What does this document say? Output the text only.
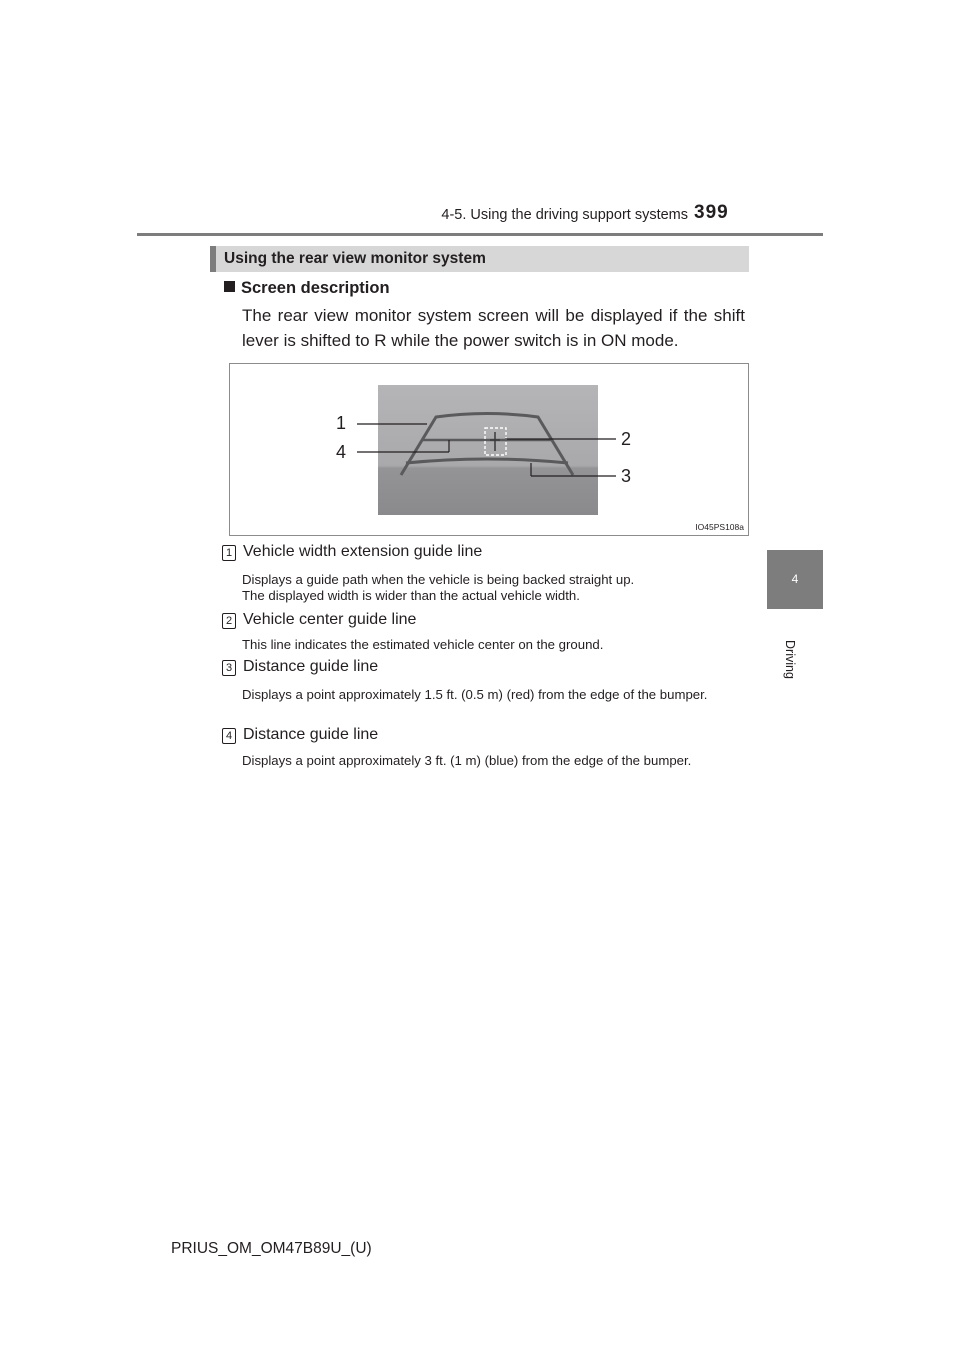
4-5. Using the driving support systems 399
4
Driving
Using the rear view monitor system
Screen description
The rear view monitor system screen will be displayed if the shift lever is shifted to R while the power switch is in ON mode.
1
4
2
3
IO45PS108a
1 Vehicle width extension guide line
Displays a guide path when the vehicle is being backed straight up.
The displayed width is wider than the actual vehicle width.
2 Vehicle center guide line
This line indicates the estimated vehicle center on the ground.
3 Distance guide line
Displays a point approximately 1.5 ft. (0.5 m) (red) from the edge of the bumper.
4 Distance guide line
Displays a point approximately 3 ft. (1 m) (blue) from the edge of the bumper.
PRIUS_OM_OM47B89U_(U)
